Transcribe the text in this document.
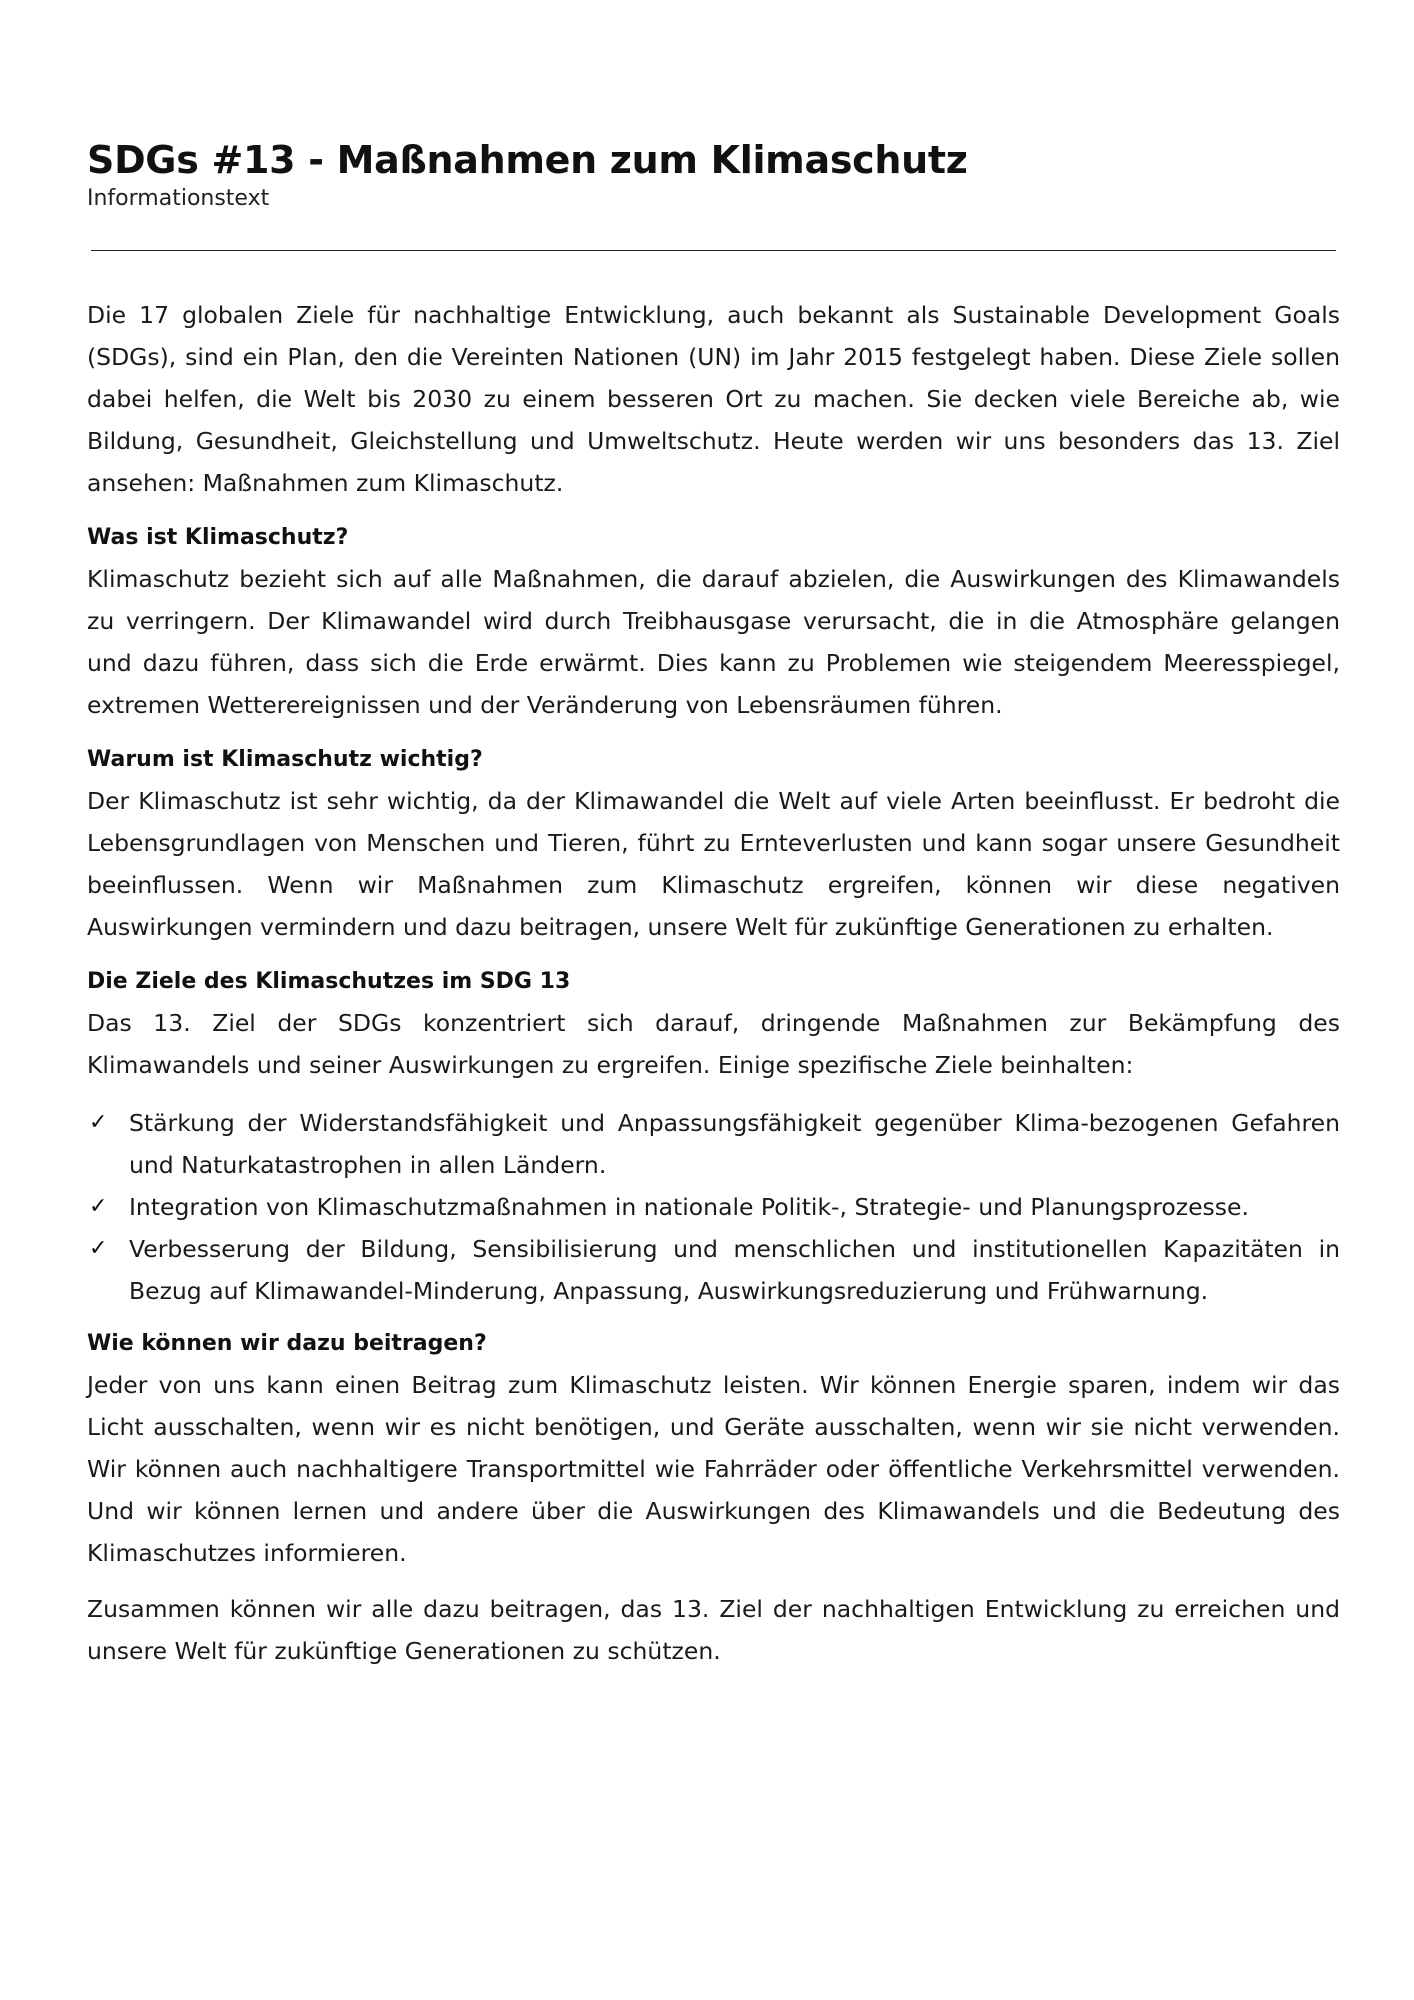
SDGs #13 - Maßnahmen zum Klimaschutz

Informationstext

Die 17 globalen Ziele für nachhaltige Entwicklung, auch bekannt als Sustainable Development Goals (SDGs), sind ein Plan, den die Vereinten Nationen (UN) im Jahr 2015 festgelegt haben. Diese Ziele sollen dabei helfen, die Welt bis 2030 zu einem besseren Ort zu machen. Sie decken viele Bereiche ab, wie Bildung, Gesundheit, Gleichstellung und Umweltschutz. Heute werden wir uns besonders das 13. Ziel ansehen: Maßnahmen zum Klimaschutz.

Was ist Klimaschutz?

Klimaschutz bezieht sich auf alle Maßnahmen, die darauf abzielen, die Auswirkungen des Klimawandels zu verringern. Der Klimawandel wird durch Treibhausgase verursacht, die in die Atmosphäre gelangen und dazu führen, dass sich die Erde erwärmt. Dies kann zu Problemen wie steigendem Meeresspiegel, extremen Wetterereignissen und der Veränderung von Lebensräumen führen.

Warum ist Klimaschutz wichtig?

Der Klimaschutz ist sehr wichtig, da der Klimawandel die Welt auf viele Arten beeinflusst. Er bedroht die Lebensgrundlagen von Menschen und Tieren, führt zu Ernteverlusten und kann sogar unsere Gesundheit beeinflussen. Wenn wir Maßnahmen zum Klimaschutz ergreifen, können wir diese negativen Auswirkungen vermindern und dazu beitragen, unsere Welt für zukünftige Generationen zu erhalten.

Die Ziele des Klimaschutzes im SDG 13

Das 13. Ziel der SDGs konzentriert sich darauf, dringende Maßnahmen zur Bekämpfung des Klimawandels und seiner Auswirkungen zu ergreifen. Einige spezifische Ziele beinhalten:

✓ Stärkung der Widerstandsfähigkeit und Anpassungsfähigkeit gegenüber Klima-bezogenen Gefahren und Naturkatastrophen in allen Ländern.
✓ Integration von Klimaschutzmaßnahmen in nationale Politik-, Strategie- und Planungsprozesse.
✓ Verbesserung der Bildung, Sensibilisierung und menschlichen und institutionellen Kapazitäten in Bezug auf Klimawandel-Minderung, Anpassung, Auswirkungsreduzierung und Frühwarnung.
Wie können wir dazu beitragen?

Jeder von uns kann einen Beitrag zum Klimaschutz leisten. Wir können Energie sparen, indem wir das Licht ausschalten, wenn wir es nicht benötigen, und Geräte ausschalten, wenn wir sie nicht verwenden. Wir können auch nachhaltigere Transportmittel wie Fahrräder oder öffentliche Verkehrsmittel verwenden. Und wir können lernen und andere über die Auswirkungen des Klimawandels und die Bedeutung des Klimaschutzes informieren.

Zusammen können wir alle dazu beitragen, das 13. Ziel der nachhaltigen Entwicklung zu erreichen und unsere Welt für zukünftige Generationen zu schützen.
